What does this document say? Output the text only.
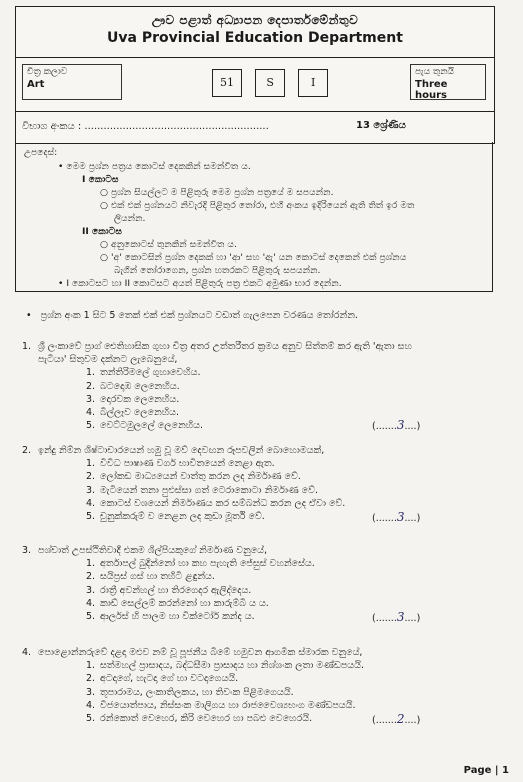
ඌව පළාත් අධ්‍යාපන දෙපාර්තමේන්තුව
Uva Provincial Education Department
චිත්‍ර කලාව
Art	51	S	I
පැය තුනයි
Three hours
විභාග අංකය : ..........................................................	13 ශ්‍රේණිය
උපදෙස්:
• මෙම ප්‍රශ්න පත්‍රය කොටස් දෙකකින් සමන්විත ය.
I කොටස
○ ප්‍රශ්න සියල්ලට ම පිළිතුරු මෙම ප්‍රශ්න පත්‍රයේ ම සපයන්න.
○ එක් එක් ප්‍රශ්නයට නිවැරදි පිළිතුර තෝරා, එහි අංකය ඉදිරියෙන් ඇති තිත් ඉර මත
ලියන්න.
II කොටස
○ අනුකොටස් තුනකින් සමන්විත ය.
○ 'අ' කොටසින් ප්‍රශ්න දෙකක් හා 'ආ' සහ 'ඇ' යන කොටස් දෙකෙන් එක් ප්‍රශ්නය
බැගින් තෝරාගෙන, ප්‍රශ්න හතරකට පිළිතුරු සපයන්න.
• I කොටසට හා II කොටසට අයත් පිළිතුරු පත්‍ර එකට අමුණා භාර දෙන්න.
•   ප්‍රශ්න අංක 1 සිට 5 තෙක් එක් එක් ප්‍රශ්නයට වඩාත් ගැලපෙන වරණය තෝරන්න.
1. ශ්‍රී ලංකාවේ ප්‍රාග් ඓතිහාසික ගුහා චිත්‍ර අතර උත්තරීතර ක්‍රමය අනුව සිත්තම් කර ඇති 'ඇතා සහ
පැටියා' සිතුවම දක්නට ලැබෙනුයේ,
1. තන්තිරිමලේ ගුහාවෙහිය.
2. බටදොඹ ලෙනෙහිය.
3. දොරවක ලෙනෙහිය.
4. බිල්ලෑව ලෙනෙහිය.
5. වෙට්ටමුලලේ ලෙනෙහිය.	(.......3....)
2. ඉන්දු නිම්න ශිෂ්ටාචාරයෙන් හමු වූ මව් දෙවඟන රූපවලින් බොහොමයක්,
1. විවිධ පාෂාණ වර්ග භාවිතයෙන් නෙළා ඇත.
2. ලෝකඩ මාධ්‍යයෙන් වාත්තු කරන ලද නිර්මාණ වේ.
3. මැටියෙන් තනා පුළුස්සා ගත් ටෙරාකොටා නිර්මාණ වේ.
4. කොටස් වශයෙන් නිර්මාණය කර සම්බන්ධ කරන ලද ඒවා වේ.
5. චුනුක්කරුම් ව නෙළන ලද කුඩා මූර්ති වේ.	(.......3....)
3. පශ්චාත් උපස්ථිතිවාදී එකම ශිල්පියකුගේ නිර්මාණ වනුයේ,
1. අර්තාපල් බුදින්නෝ හා කහ පැහැති ජේසුස් වහන්සේය.
2. සයිප්‍රස් ගස් හා තහිටි ළඳුන්ය.
3. රාත්‍රී අවන්හල් හා තිරගෙදර ඇලිද්දෙය.
4. කාඩ් සෙල්ලම් කරන්නෝ හා කාරුම්බි ය ය.
5. ආර්ලස් හි පාලම හා වික්ටෝර් කන්ද ය.	(.......3....)
4. පොළොන්නරුවේ දළදා මළුව නම් වූ පූජනීය බිමේ හමුවන ආගමික ස්මාරක වනුයේ,
1. සත්මහල් ප්‍රාසාදය, බද්ධසීමා ප්‍රාසාදය හා නිශ්ශංක ලතා මණ්ඩපයයි.
2. අටදාගේ, හැටදා ගේ හා වටදාගෙයයි.
3. තූපාරාමය, ලංකාතිලකය, හා තිවංක පිළිමගෙයයි.
4. විජයොත්පාය, නිස්සංක මාලිගය හා රාජවෛශ්‍යභංග මණ්ඩපයයි.
5. රන්කොත් වෙහෙර, කිරි වෙහෙර හා පබළු වෙහෙරයි.	(.......2....)
Page | 1
